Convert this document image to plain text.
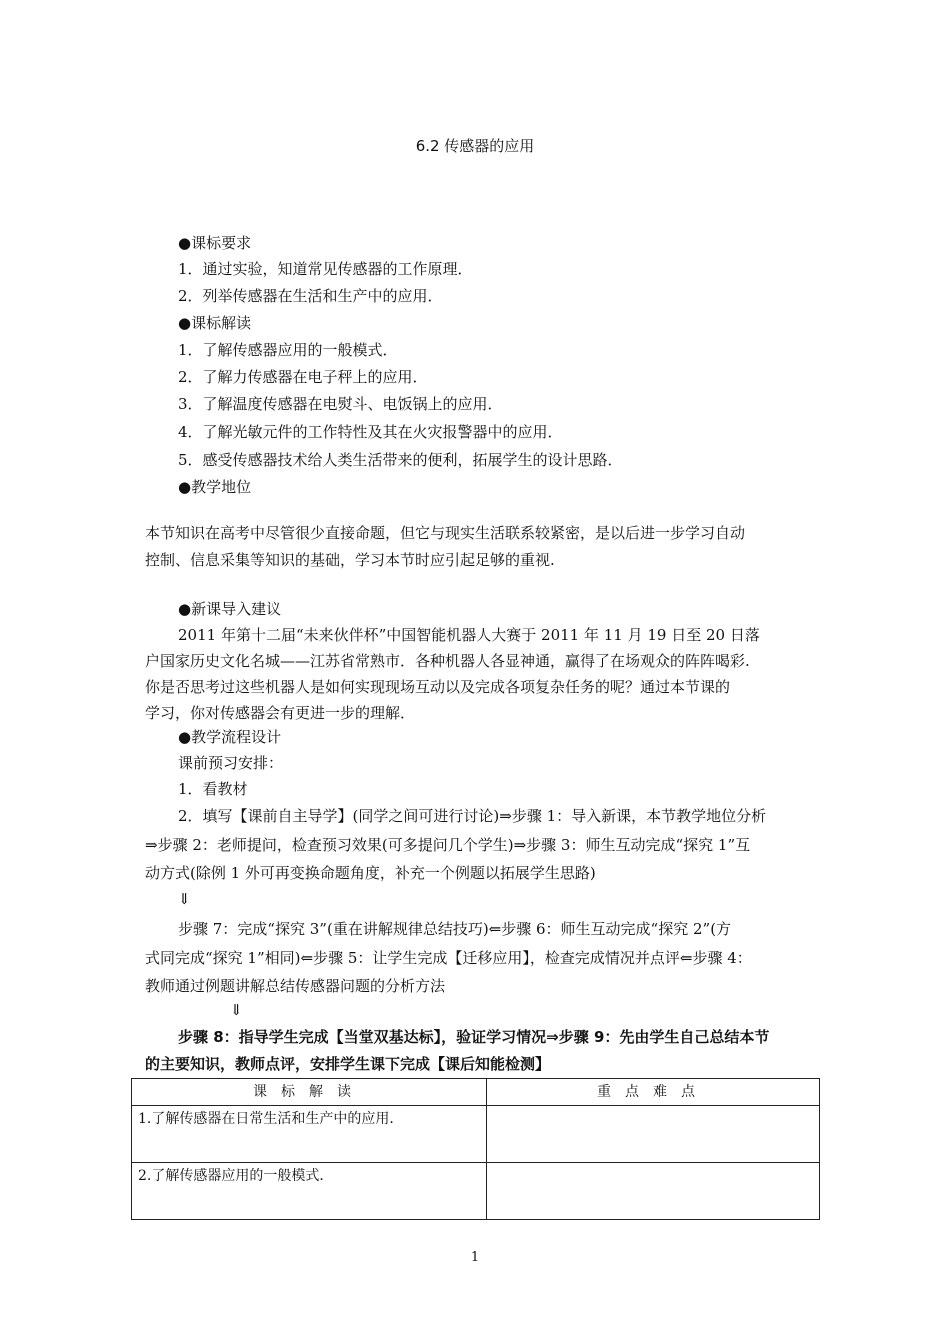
6.2 传感器的应用
●课标要求
1．通过实验，知道常见传感器的工作原理．
2．列举传感器在生活和生产中的应用．
●课标解读
1．了解传感器应用的一般模式．
2．了解力传感器在电子秤上的应用．
3．了解温度传感器在电熨斗、电饭锅上的应用．
4．了解光敏元件的工作特性及其在火灾报警器中的应用．
5．感受传感器技术给人类生活带来的便利，拓展学生的设计思路．
●教学地位
本节知识在高考中尽管很少直接命题，但它与现实生活联系较紧密，是以后进一步学习自动
控制、信息采集等知识的基础，学习本节时应引起足够的重视.
●新课导入建议
2011 年第十二届“未来伙伴杯”中国智能机器人大赛于 2011 年 11 月 19 日至 20 日落
户国家历史文化名城——江苏省常熟市．各种机器人各显神通，赢得了在场观众的阵阵喝彩.
你是否思考过这些机器人是如何实现现场互动以及完成各项复杂任务的呢？通过本节课的
学习，你对传感器会有更进一步的理解．
●教学流程设计
课前预习安排：
1．看教材
2．填写【课前自主导学】(同学之间可进行讨论)⇒步骤 1：导入新课，本节教学地位分析
⇒步骤 2：老师提问，检查预习效果(可多提问几个学生)⇒步骤 3：师生互动完成“探究 1”互
动方式(除例 1 外可再变换命题角度，补充一个例题以拓展学生思路)
⇓
步骤 7：完成“探究 3”(重在讲解规律总结技巧)⇐步骤 6：师生互动完成“探究 2”(方
式同完成“探究 1”相同)⇐步骤 5：让学生完成【迁移应用】，检查完成情况并点评⇐步骤 4：
教师通过例题讲解总结传感器问题的分析方法
⇓
步骤 8：指导学生完成【当堂双基达标】，验证学习情况⇒步骤 9：先由学生自己总结本节
的主要知识，教师点评，安排学生课下完成【课后知能检测】
课标解读	重点难点
1.了解传感器在日常生活和生产中的应用．	
2.了解传感器应用的一般模式．	
1
